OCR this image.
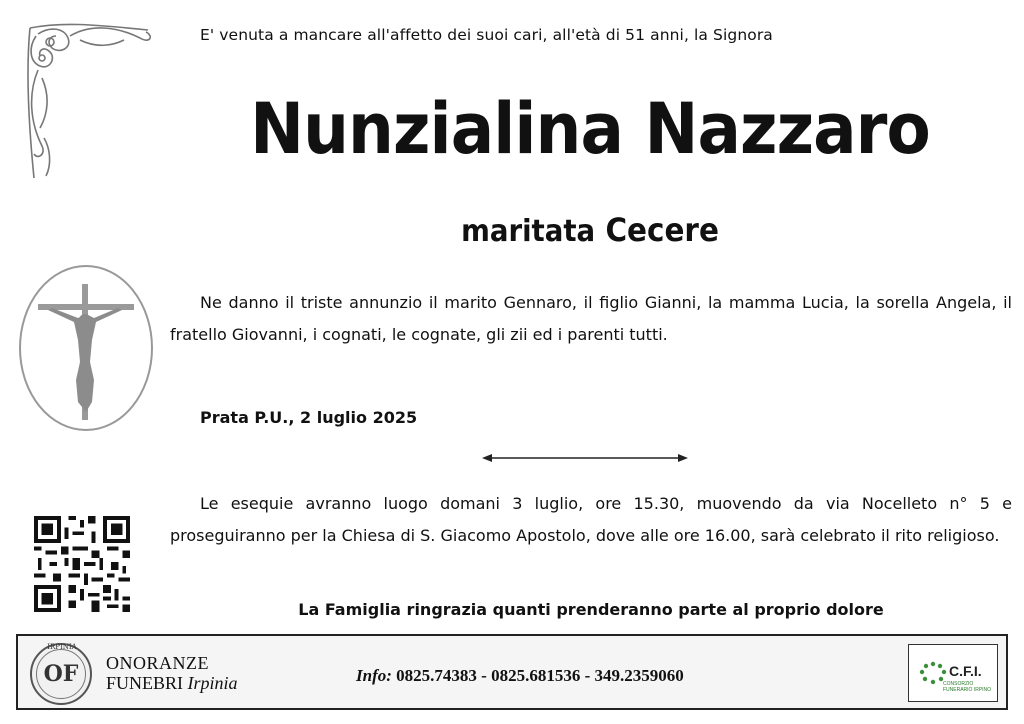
E' venuta a mancare all'affetto dei suoi cari, all'età di 51 anni, la Signora
Nunzialina Nazzaro
maritata Cecere

Ne danno il triste annunzio il marito Gennaro, il figlio Gianni, la mamma Lucia, la sorella Angela, il fratello Giovanni, i cognati, le cognate, gli zii ed i parenti tutti.

Prata P.U., 2 luglio 2025

Le esequie avranno luogo domani 3 luglio, ore 15.30, muovendo da via Nocelleto n° 5 e proseguiranno per la Chiesa di S. Giacomo Apostolo, dove alle ore 16.00, sarà celebrato il rito religioso.

La Famiglia ringrazia quanti prenderanno parte al proprio dolore
OF
IRPINIA
ONORANZE
FUNEBRI Irpinia	Info: 0825.74383 - 0825.681536 - 349.2359060	C.F.I.
CONSORZIO FUNERARIO IRPINO
